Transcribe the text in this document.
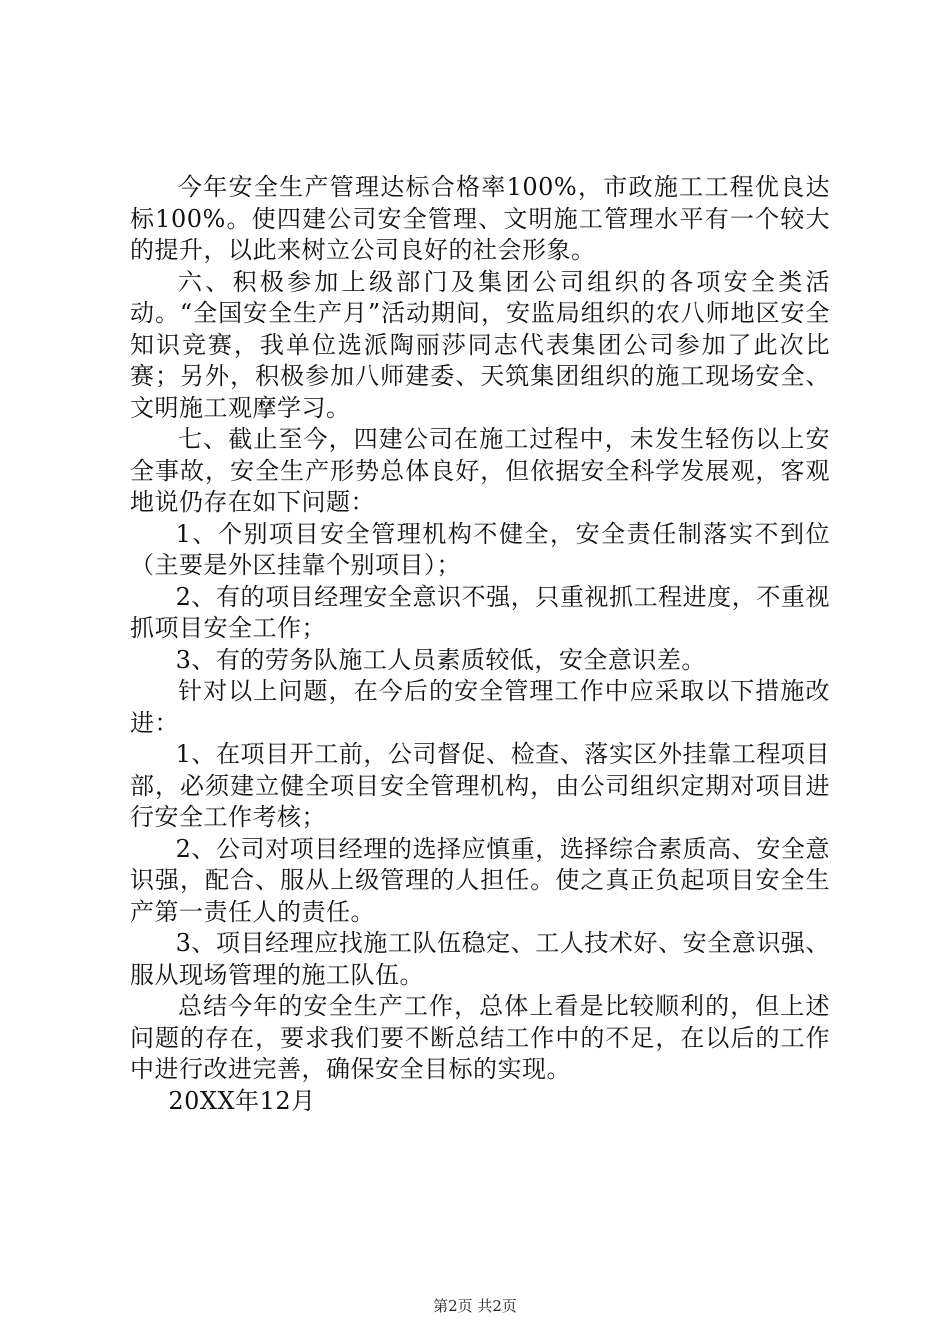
今年安全生产管理达标合格率100%，市政施工工程优良达标100%。使四建公司安全管理、文明施工管理水平有一个较大的提升，以此来树立公司良好的社会形象。

六、积极参加上级部门及集团公司组织的各项安全类活动。“全国安全生产月”活动期间，安监局组织的农八师地区安全知识竞赛，我单位选派陶丽莎同志代表集团公司参加了此次比赛；另外，积极参加八师建委、天筑集团组织的施工现场安全、文明施工观摩学习。

七、截止至今，四建公司在施工过程中，未发生轻伤以上安全事故，安全生产形势总体良好，但依据安全科学发展观，客观地说仍存在如下问题：

1、个别项目安全管理机构不健全，安全责任制落实不到位（主要是外区挂靠个别项目）；

2、有的项目经理安全意识不强，只重视抓工程进度，不重视抓项目安全工作；

3、有的劳务队施工人员素质较低，安全意识差。

针对以上问题，在今后的安全管理工作中应采取以下措施改进：

1、在项目开工前，公司督促、检查、落实区外挂靠工程项目部，必须建立健全项目安全管理机构，由公司组织定期对项目进行安全工作考核；

2、公司对项目经理的选择应慎重，选择综合素质高、安全意识强，配合、服从上级管理的人担任。使之真正负起项目安全生产第一责任人的责任。

3、项目经理应找施工队伍稳定、工人技术好、安全意识强、服从现场管理的施工队伍。

总结今年的安全生产工作，总体上看是比较顺利的，但上述问题的存在，要求我们要不断总结工作中的不足，在以后的工作中进行改进完善，确保安全目标的实现。

20XX年12月

第2页 共2页
